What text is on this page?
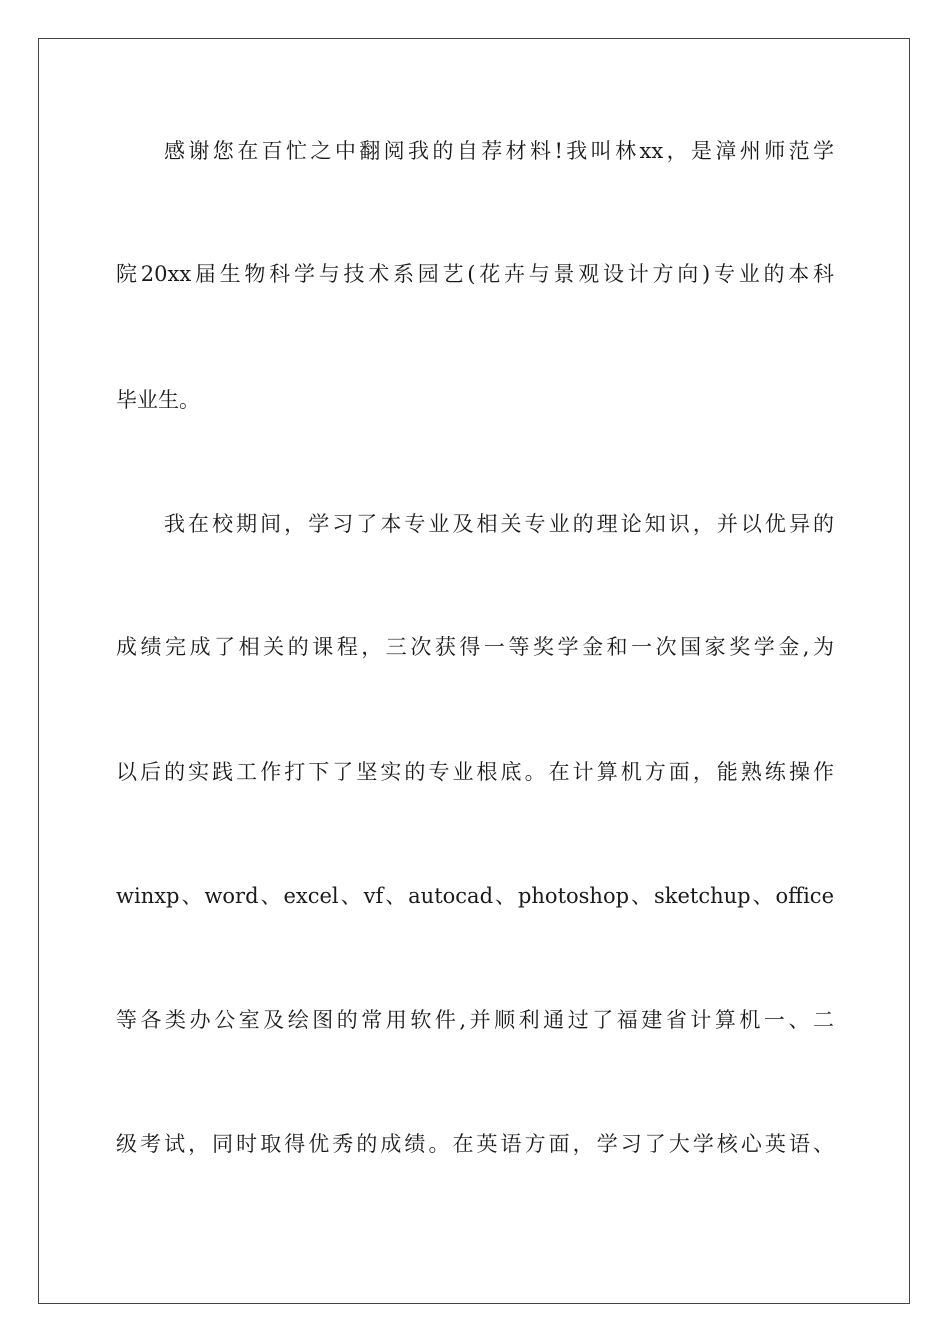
感谢您在百忙之中翻阅我的自荐材料!我叫林xx，是漳州师范学
院20xx届生物科学与技术系园艺(花卉与景观设计方向)专业的本科
毕业生。
我在校期间，学习了本专业及相关专业的理论知识，并以优异的
成绩完成了相关的课程，三次获得一等奖学金和一次国家奖学金,为
以后的实践工作打下了坚实的专业根底。在计算机方面，能熟练操作
winxp、word、excel、vf、autocad、photoshop、sketchup、office
等各类办公室及绘图的常用软件,并顺利通过了福建省计算机一、二
级考试，同时取得优秀的成绩。在英语方面，学习了大学核心英语、
